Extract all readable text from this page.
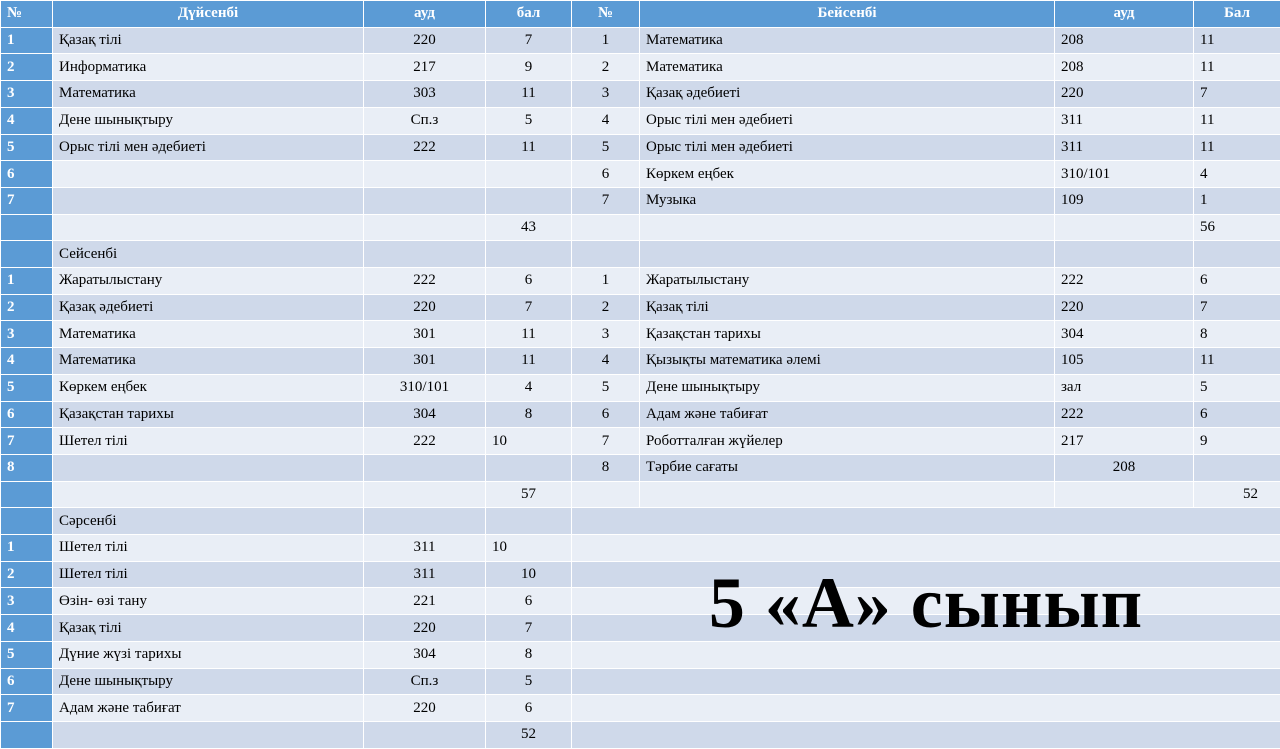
№	Дүйсенбі	ауд	бал	№	Бейсенбі	ауд	Бал
1	Қазақ тілі	220	7	1	Математика	208	11
2	Информатика	217	9	2	Математика	208	11
3	Математика	303	11	3	Қазақ әдебиеті	220	7
4	Дене шынықтыру	Сп.з	5	4	Орыс тілі мен әдебиеті	311	11
5	Орыс тілі мен әдебиеті	222	11	5	Орыс тілі мен әдебиеті	311	11
6				6	Көркем еңбек	310/101	4
7				7	Музыка	109	1
			43				56
	Сейсенбі						
1	Жаратылыстану	222	6	1	Жаратылыстану	222	6
2	Қазақ әдебиеті	220	7	2	Қазақ тілі	220	7
3	Математика	301	11	3	Қазақстан тарихы	304	8
4	Математика	301	11	4	Қызықты математика әлемі	105	11
5	Көркем еңбек	310/101	4	5	Дене шынықтыру	зал	5
6	Қазақстан тарихы	304	8	6	Адам және табиғат	222	6
7	Шетел тілі	222	10	7	Роботталған жүйелер	217	9
8				8	Тәрбие сағаты	208	
			57				52
	Сәрсенбі						
1	Шетел тілі	311	10				
2	Шетел тілі	311	10				
3	Өзін- өзі тану	221	6				
4	Қазақ тілі	220	7				
5	Дүние жүзі тарихы	304	8				
6	Дене шынықтыру	Сп.з	5				
7	Адам және табиғат	220	6				
			52				
5 «А» сынып
